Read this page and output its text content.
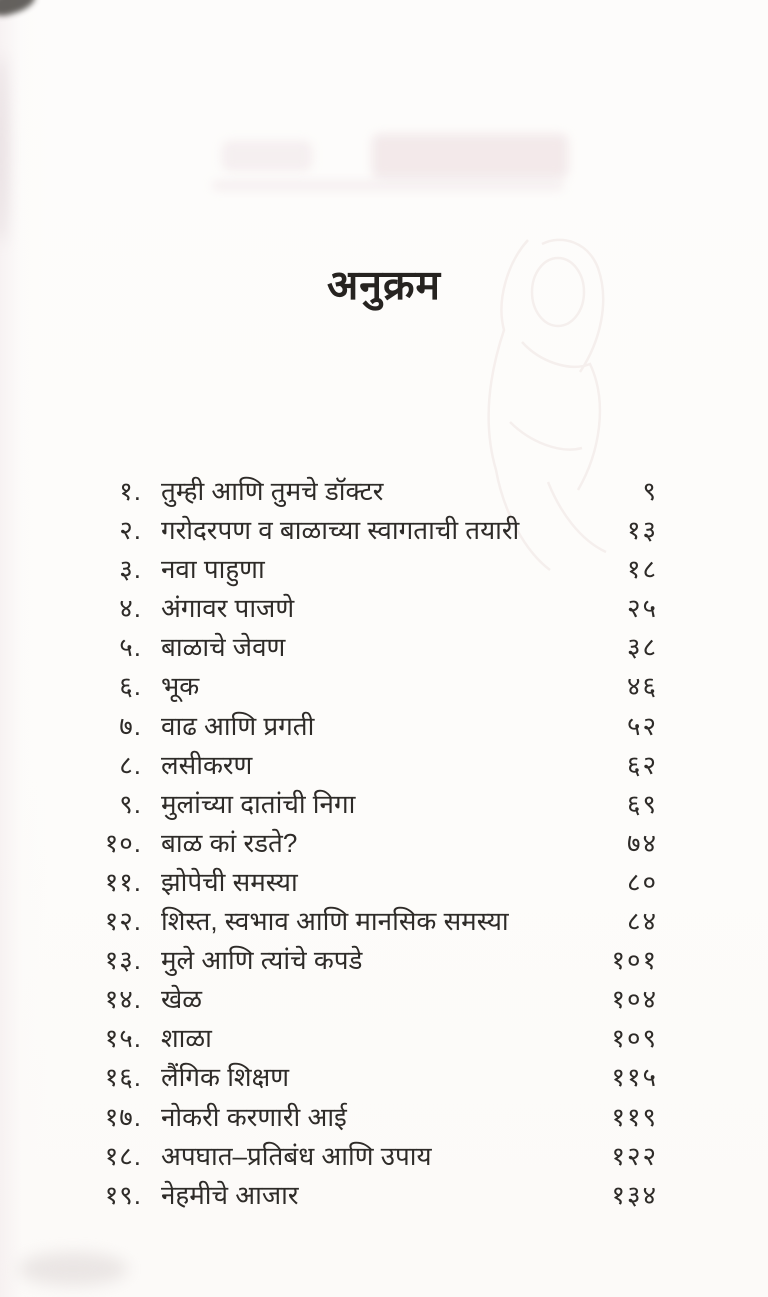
अनुक्रम
१. तुम्ही आणि तुमचे डॉक्टर	९
२. गरोदरपण व बाळाच्या स्वागताची तयारी	१३
३. नवा पाहुणा	१८
४. अंगावर पाजणे	२५
५. बाळाचे जेवण	३८
६. भूक	४६
७. वाढ आणि प्रगती	५२
८. लसीकरण	६२
९. मुलांच्या दातांची निगा	६९
१०. बाळ कां रडते?	७४
११. झोपेची समस्या	८०
१२. शिस्त, स्वभाव आणि मानसिक समस्या	८४
१३. मुले आणि त्यांचे कपडे	१०१
१४. खेळ	१०४
१५. शाळा	१०९
१६. लैंगिक शिक्षण	११५
१७. नोकरी करणारी आई	११९
१८. अपघात–प्रतिबंध आणि उपाय	१२२
१९. नेहमीचे आजार	१३४
